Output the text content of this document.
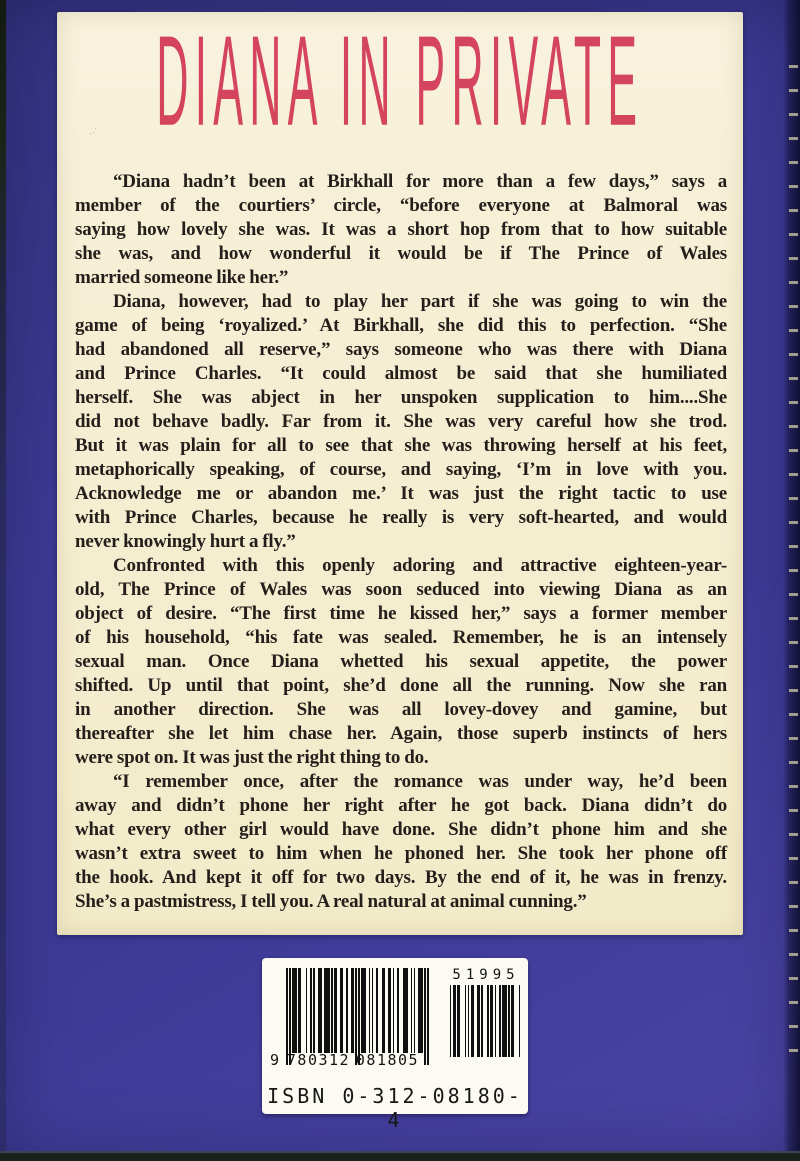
··′ DIANA IN PRIVATE
“Diana hadn’t been at Birkhall for more than a few days,” says a
member of the courtiers’ circle, “before everyone at Balmoral was
saying how lovely she was. It was a short hop from that to how suitable
she was, and how wonderful it would be if The Prince of Wales
married someone like her.”
Diana, however, had to play her part if she was going to win the
game of being ‘royalized.’ At Birkhall, she did this to perfection. “She
had abandoned all reserve,” says someone who was there with Diana
and Prince Charles. “It could almost be said that she humiliated
herself. She was abject in her unspoken supplication to him....She
did not behave badly. Far from it. She was very careful how she trod.
But it was plain for all to see that she was throwing herself at his feet,
metaphorically speaking, of course, and saying, ‘I’m in love with you.
Acknowledge me or abandon me.’ It was just the right tactic to use
with Prince Charles, because he really is very soft-hearted, and would
never knowingly hurt a fly.”
Confronted with this openly adoring and attractive eighteen-year-
old, The Prince of Wales was soon seduced into viewing Diana as an
object of desire. “The first time he kissed her,” says a former member
of his household, “his fate was sealed. Remember, he is an intensely
sexual man. Once Diana whetted his sexual appetite, the power
shifted. Up until that point, she’d done all the running. Now she ran
in another direction. She was all lovey-dovey and gamine, but
thereafter she let him chase her. Again, those superb instincts of hers
were spot on. It was just the right thing to do.
“I remember once, after the romance was under way, he’d been
away and didn’t phone her right after he got back. Diana didn’t do
what every other girl would have done. She didn’t phone him and she
wasn’t extra sweet to him when he phoned her. She took her phone off
the hook. And kept it off for two days. By the end of it, he was in frenzy.
She’s a pastmistress, I tell you. A real natural at animal cunning.”
9 780312 081805
51995
ISBN 0-312-08180-4
